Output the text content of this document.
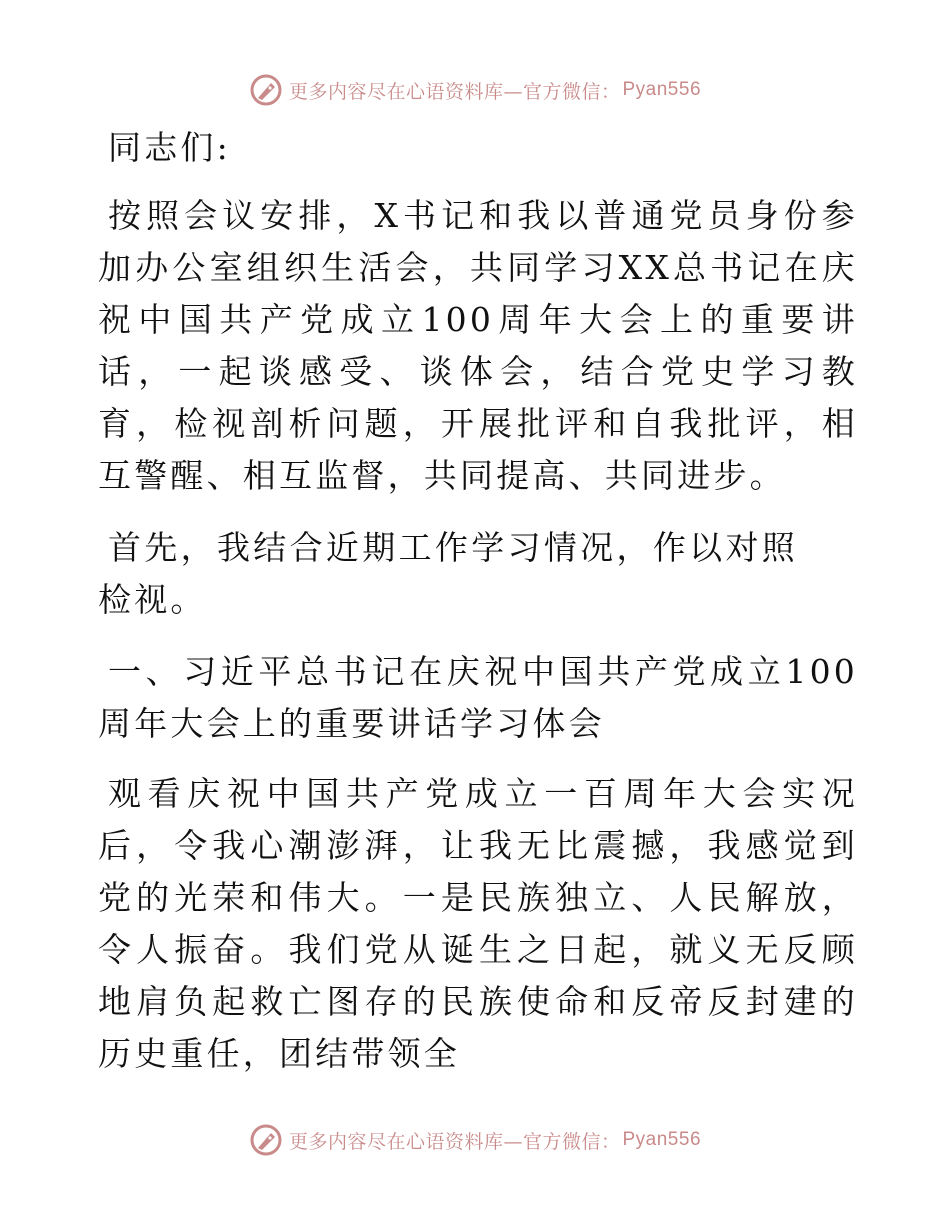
更多内容尽在心语资料库—官方微信： Pyan556

同志们:

按照会议安排，X书记和我以普通党员身份参加办公室组织生活会，共同学习XX总书记在庆祝中国共产党成立100周年大会上的重要讲话，一起谈感受、谈体会，结合党史学习教育，检视剖析问题，开展批评和自我批评，相互警醒、相互监督，共同提高、共同进步。

首先，我结合近期工作学习情况，作以对照检视。

一、习近平总书记在庆祝中国共产党成立100周年大会上的重要讲话学习体会

观看庆祝中国共产党成立一百周年大会实况后，令我心潮澎湃，让我无比震撼，我感觉到党的光荣和伟大。一是民族独立、人民解放，令人振奋。我们党从诞生之日起，就义无反顾地肩负起救亡图存的民族使命和反帝反封建的历史重任，团结带领全

更多内容尽在心语资料库—官方微信： Pyan556
